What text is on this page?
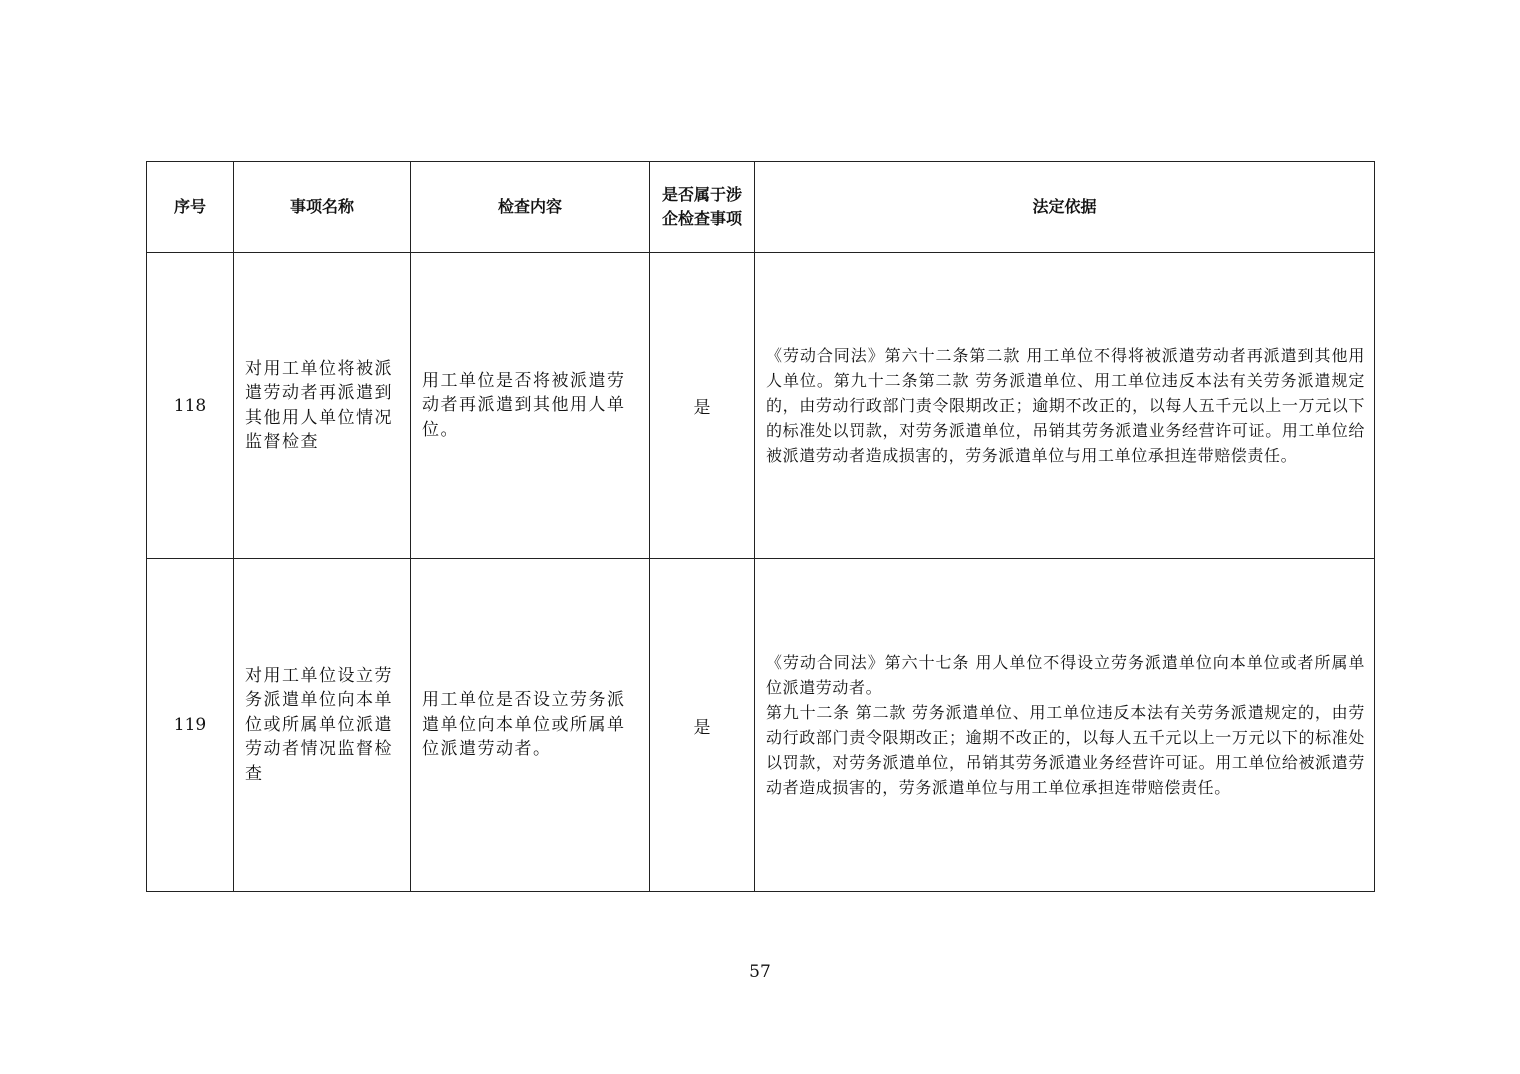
序号	事项名称	检查内容	是否属于涉企检查事项	法定依据
118	对用工单位将被派遣劳动者再派遣到其他用人单位情况监督检查	用工单位是否将被派遣劳动者再派遣到其他用人单位。	是	《劳动合同法》第六十二条第二款 用工单位不得将被派遣劳动者再派遣到其他用人单位。第九十二条第二款 劳务派遣单位、用工单位违反本法有关劳务派遣规定的，由劳动行政部门责令限期改正；逾期不改正的，以每人五千元以上一万元以下的标准处以罚款，对劳务派遣单位，吊销其劳务派遣业务经营许可证。用工单位给被派遣劳动者造成损害的，劳务派遣单位与用工单位承担连带赔偿责任。

119	对用工单位设立劳务派遣单位向本单位或所属单位派遣劳动者情况监督检查	用工单位是否设立劳务派遣单位向本单位或所属单位派遣劳动者。	是	《劳动合同法》第六十七条 用人单位不得设立劳务派遣单位向本单位或者所属单位派遣劳动者。
第九十二条 第二款 劳务派遣单位、用工单位违反本法有关劳务派遣规定的，由劳动行政部门责令限期改正；逾期不改正的，以每人五千元以上一万元以下的标准处以罚款，对劳务派遣单位，吊销其劳务派遣业务经营许可证。用工单位给被派遣劳动者造成损害的，劳务派遣单位与用工单位承担连带赔偿责任。
57
